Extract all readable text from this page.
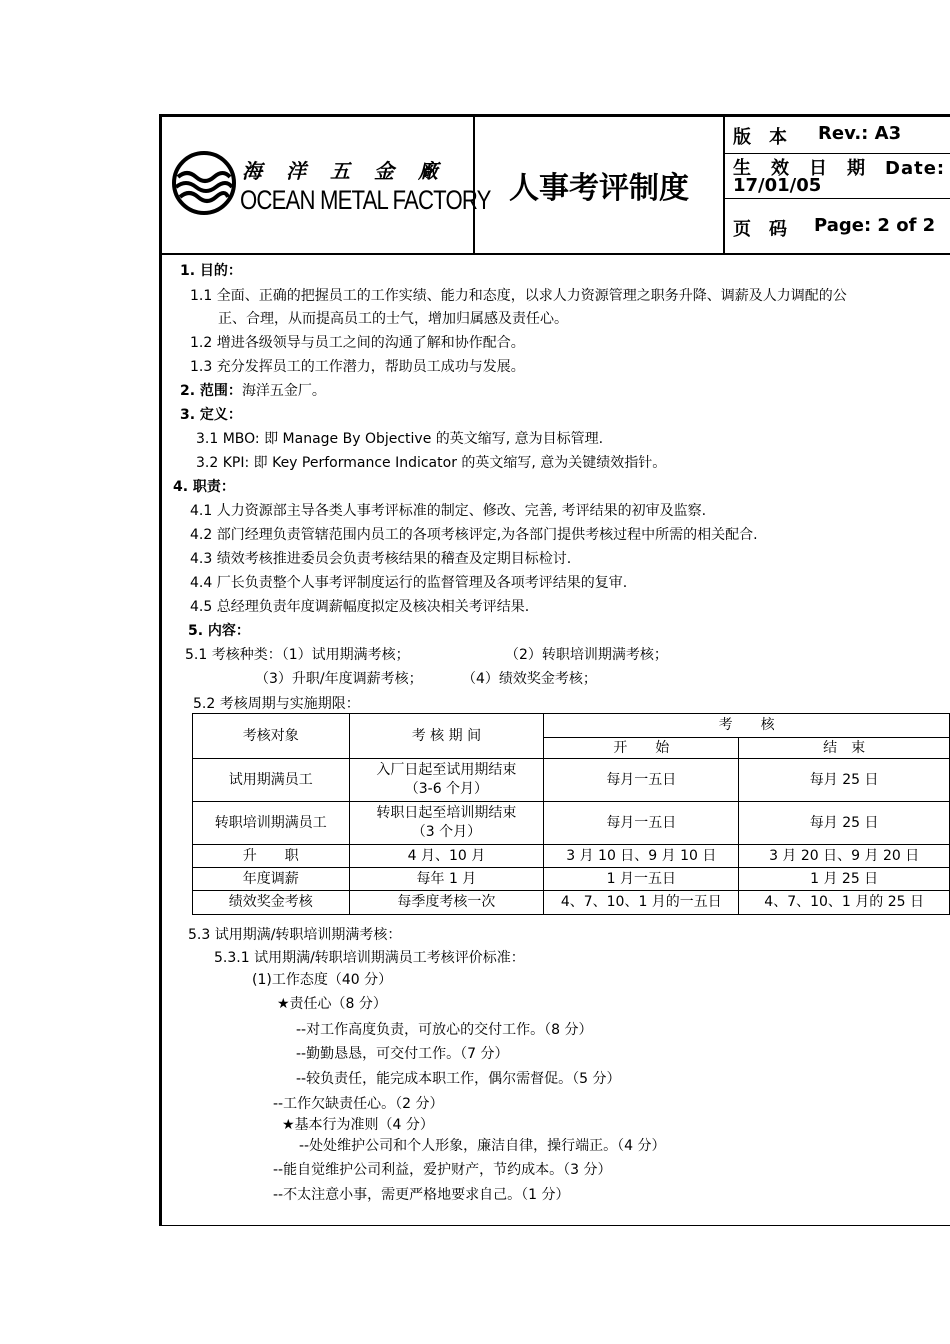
海洋五金廠
OCEAN METAL FACTORY 人事考评制度
版　本 Rev.: A3
生　效　日　期　Date:
17/01/05
页　码 Page: 2 of 2
1. 目的：
1.1 全面、正确的把握员工的工作实绩、能力和态度，以求人力资源管理之职务升降、调薪及人力调配的公
正、合理，从而提高员工的士气，增加归属感及责任心。
1.2 增进各级领导与员工之间的沟通了解和协作配合。
1.3 充分发挥员工的工作潜力，帮助员工成功与发展。
2. 范围：海洋五金厂。
3. 定义：
3.1 MBO: 即 Manage By Objective 的英文缩写, 意为目标管理.
3.2 KPI: 即 Key Performance Indicator 的英文缩写, 意为关键绩效指针。
4. 职责：
4.1 人力资源部主导各类人事考评标准的制定、修改、完善, 考评结果的初审及监察.
4.2 部门经理负责管辖范围内员工的各项考核评定,为各部门提供考核过程中所需的相关配合.
4.3 绩效考核推进委员会负责考核结果的稽查及定期目标检讨.
4.4 厂长负责整个人事考评制度运行的监督管理及各项考评结果的复审.
4.5 总经理负责年度调薪幅度拟定及核决相关考评结果.
5. 内容：
5.1 考核种类：（1）试用期满考核；	（2）转职培训期满考核；
（3）升职/年度调薪考核；	（4）绩效奖金考核；
5.2 考核周期与实施期限：
考核对象	考 核 期 间	考　　核	
		开　　始	结　束
试用期满员工	入厂日起至试用期结束
（3-6 个月）	每月一五日	每月 25 日
转职培训期满员工	转职日起至培训期结束
（3 个月）	每月一五日	每月 25 日
升　　职	4 月、10 月	3 月 10 日、9 月 10 日	3 月 20 日、9 月 20 日
年度调薪	每年 1 月	1 月一五日	1 月 25 日
绩效奖金考核	每季度考核一次	4、7、10、1 月的一五日	4、7、10、1 月的 25 日
5.3 试用期满/转职培训期满考核：
5.3.1 试用期满/转职培训期满员工考核评价标准：
(1)工作态度（40 分）
★责任心（8 分）
--对工作高度负责，可放心的交付工作。（8 分）
--勤勤恳恳，可交付工作。（7 分）
--较负责任，能完成本职工作，偶尔需督促。（5 分）
--工作欠缺责任心。（2 分）
★基本行为准则（4 分）
--处处维护公司和个人形象，廉洁自律，操行端正。（4 分）
--能自觉维护公司利益，爱护财产，节约成本。（3 分）
--不太注意小事，需更严格地要求自己。（1 分）
